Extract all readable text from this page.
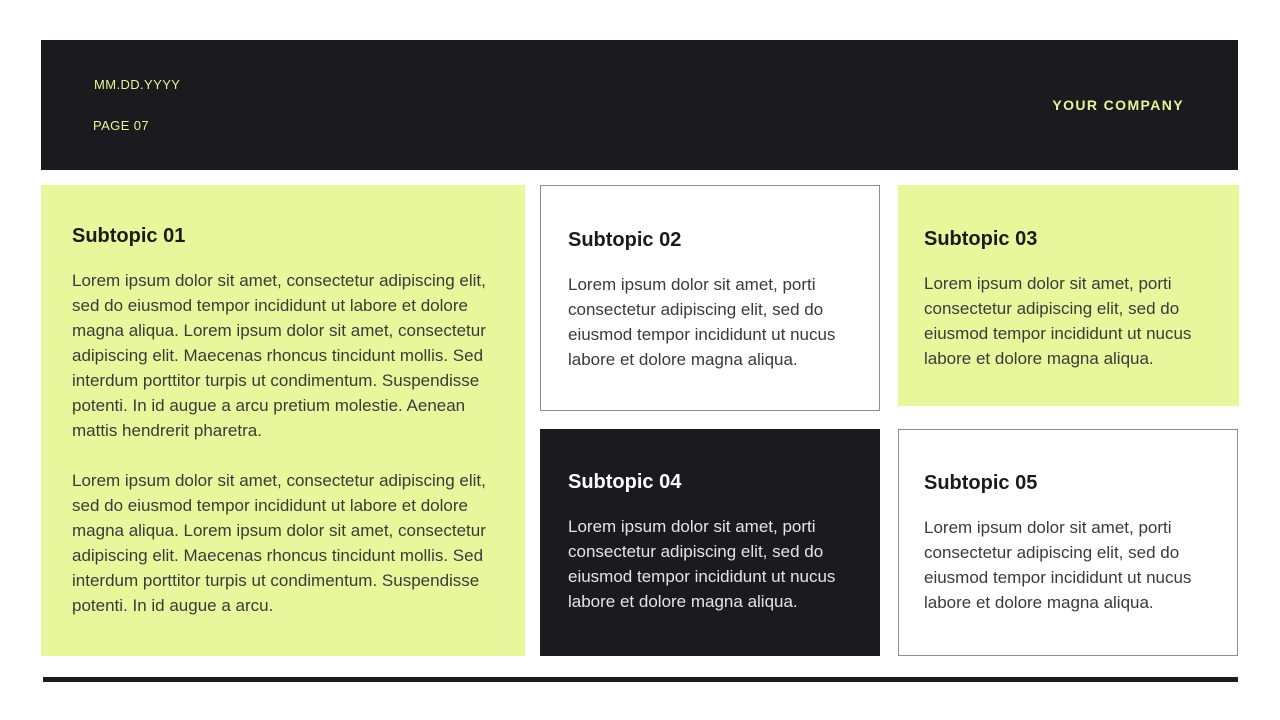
MM.DD.YYYY
PAGE 07
YOUR COMPANY
Subtopic 01

Lorem ipsum dolor sit amet, consectetur adipiscing elit, sed do eiusmod tempor incididunt ut labore et dolore magna aliqua. Lorem ipsum dolor sit amet, consectetur adipiscing elit. Maecenas rhoncus tincidunt mollis. Sed interdum porttitor turpis ut condimentum. Suspendisse potenti. In id augue a arcu pretium molestie. Aenean mattis hendrerit pharetra.

Lorem ipsum dolor sit amet, consectetur adipiscing elit, sed do eiusmod tempor incididunt ut labore et dolore magna aliqua. Lorem ipsum dolor sit amet, consectetur adipiscing elit. Maecenas rhoncus tincidunt mollis. Sed interdum porttitor turpis ut condimentum. Suspendisse potenti. In id augue a arcu.

Subtopic 02
Lorem ipsum dolor sit amet, porti consectetur adipiscing elit, sed do eiusmod tempor incididunt ut nucus labore et dolore magna aliqua.
Subtopic 03
Lorem ipsum dolor sit amet, porti consectetur adipiscing elit, sed do eiusmod tempor incididunt ut nucus labore et dolore magna aliqua.
Subtopic 04
Lorem ipsum dolor sit amet, porti consectetur adipiscing elit, sed do eiusmod tempor incididunt ut nucus labore et dolore magna aliqua.
Subtopic 05
Lorem ipsum dolor sit amet, porti consectetur adipiscing elit, sed do eiusmod tempor incididunt ut nucus labore et dolore magna aliqua.
